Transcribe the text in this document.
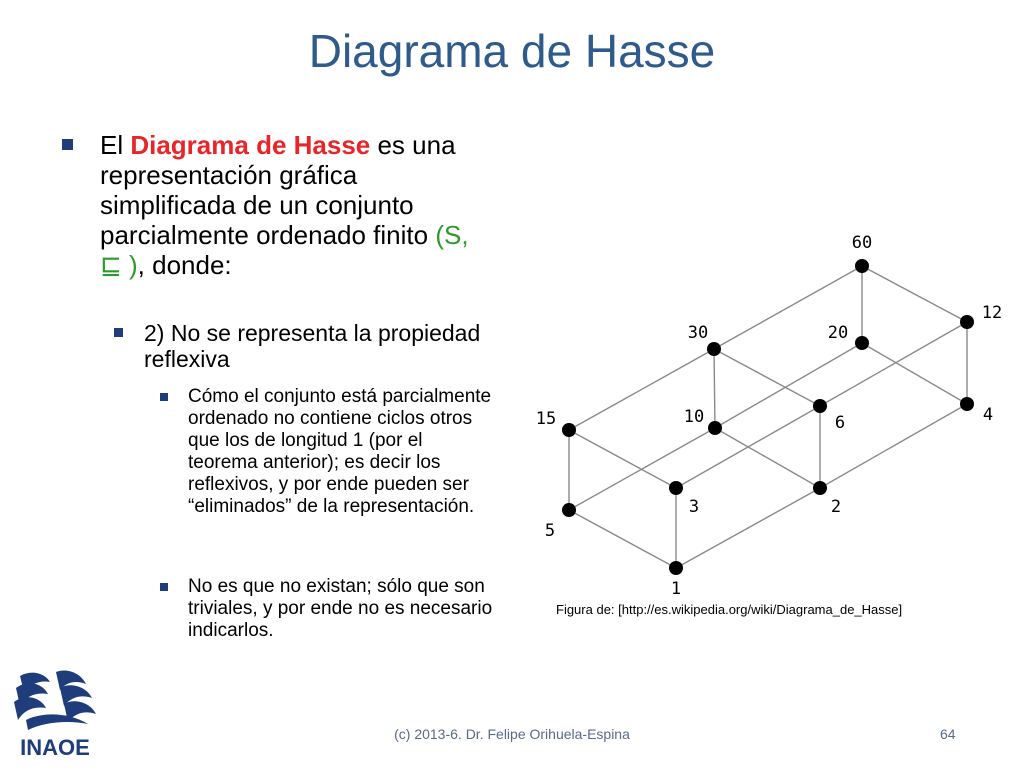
Diagrama de Hasse
El Diagrama de Hasse es una representación gráfica simplificada de un conjunto parcialmente ordenado finito (S, ⊑ ), donde:
2) No se representa la propiedad reflexiva
Cómo el conjunto está parcialmente ordenado no contiene ciclos otros que los de longitud 1 (por el teorema anterior); es decir los reflexivos, y por ende pueden ser “eliminados” de la representación.
No es que no existan; sólo que son triviales, y por ende no es necesario indicarlos.
60
30	20
12
15	10	6	4
5
3	2
1
Figura de: [http://es.wikipedia.org/wiki/Diagrama_de_Hasse]
(c) 2013-6. Dr. Felipe Orihuela-Espina	64
INAOE
